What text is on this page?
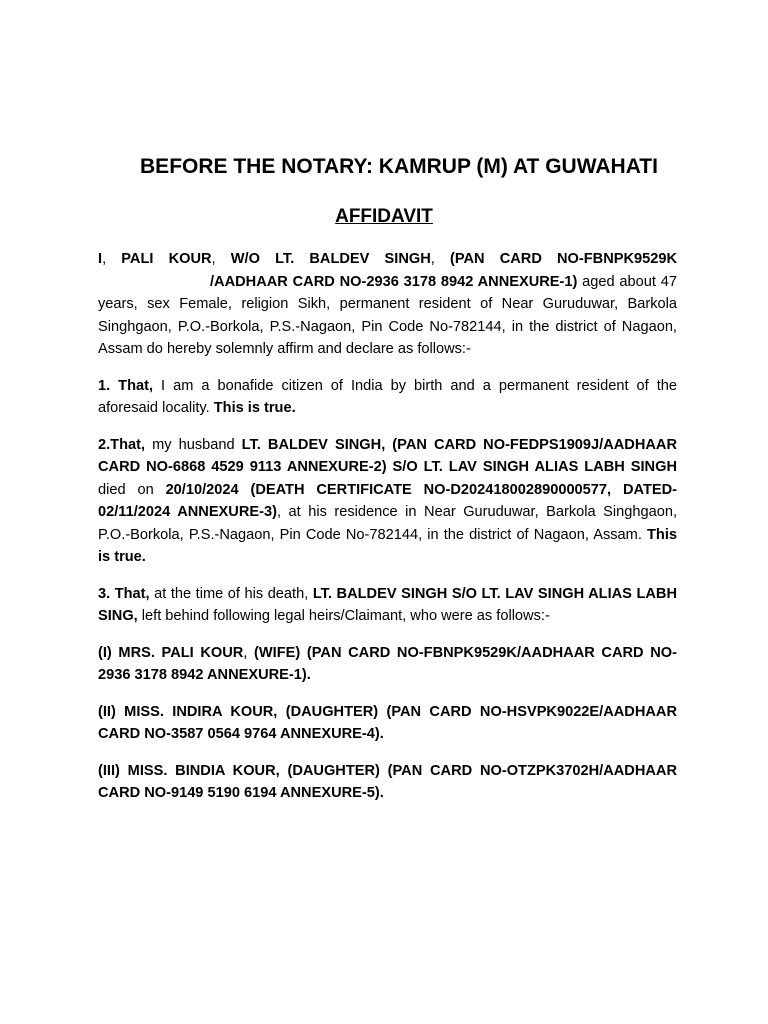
BEFORE THE NOTARY: KAMRUP (M) AT GUWAHATI
AFFIDAVIT

I, PALI KOUR, W/O LT. BALDEV SINGH, (PAN CARD NO-FBNPK9529K/AADHAAR CARD NO-2936 3178 8942 ANNEXURE-1) aged about 47 years, sex Female, religion Sikh, permanent resident of Near Guruduwar, Barkola Singhgaon, P.O.-Borkola, P.S.-Nagaon, Pin Code No-782144, in the district of Nagaon, Assam do hereby solemnly affirm and declare as follows:-

1. That, I am a bonafide citizen of India by birth and a permanent resident of the aforesaid locality. This is true.

2.That, my husband LT. BALDEV SINGH, (PAN CARD NO-FEDPS1909J/AADHAAR CARD NO-6868 4529 9113 ANNEXURE-2) S/O LT. LAV SINGH ALIAS LABH SINGH died on 20/10/2024 (DEATH CERTIFICATE NO-D202418002890000577, DATED-02/11/2024 ANNEXURE-3), at his residence in Near Guruduwar, Barkola Singhgaon, P.O.-Borkola, P.S.-Nagaon, Pin Code No-782144, in the district of Nagaon, Assam. This is true.

3. That, at the time of his death, LT. BALDEV SINGH S/O LT. LAV SINGH ALIAS LABH SING, left behind following legal heirs/Claimant, who were as follows:-

(I) MRS. PALI KOUR, (WIFE) (PAN CARD NO-FBNPK9529K/AADHAAR CARD NO-2936 3178 8942 ANNEXURE-1).

(II) MISS. INDIRA KOUR, (DAUGHTER) (PAN CARD NO-HSVPK9022E/AADHAAR CARD NO-3587 0564 9764 ANNEXURE-4).

(III) MISS. BINDIA KOUR, (DAUGHTER) (PAN CARD NO-OTZPK3702H/AADHAAR CARD NO-9149 5190 6194 ANNEXURE-5).
